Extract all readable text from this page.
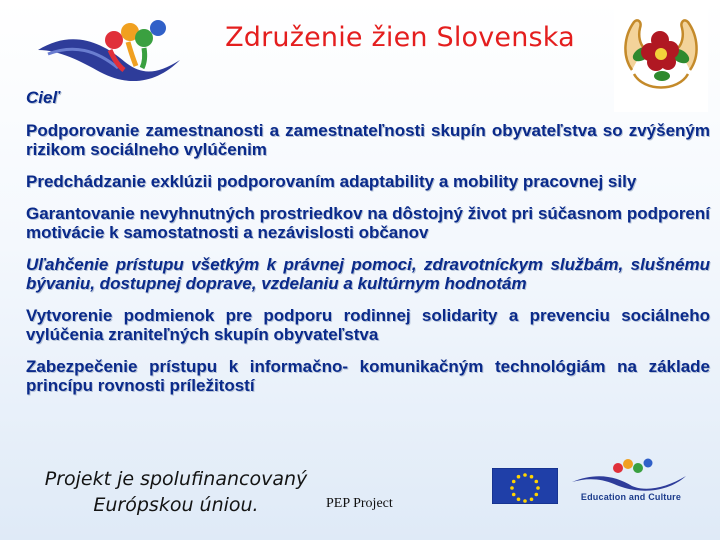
Združenie žien Slovenska
Cieľ

Podporovanie zamestnanosti a zamestnateľnosti skupín obyvateľstva so zvýšeným rizikom sociálneho vylúčenim

Predchádzanie exklúzii podporovaním adaptability a mobility pracovnej sily

Garantovanie nevyhnutných prostriedkov na dôstojný život pri súčasnom podporení motivácie k samostatnosti a nezávislosti občanov

Uľahčenie prístupu všetkým k právnej pomoci, zdravotníckym službám, slušnému bývaniu, dostupnej doprave, vzdelaniu a kultúrnym hodnotám

Vytvorenie podmienok pre podporu rodinnej solidarity a prevenciu sociálneho vylúčenia zraniteľných skupín obyvateľstva

Zabezpečenie prístupu k informačno- komunikačným technológiám na základe princípu rovnosti príležitostí

Projekt je spolufinancovaný
Európskou úniou.	PEP Project	Education and Culture
